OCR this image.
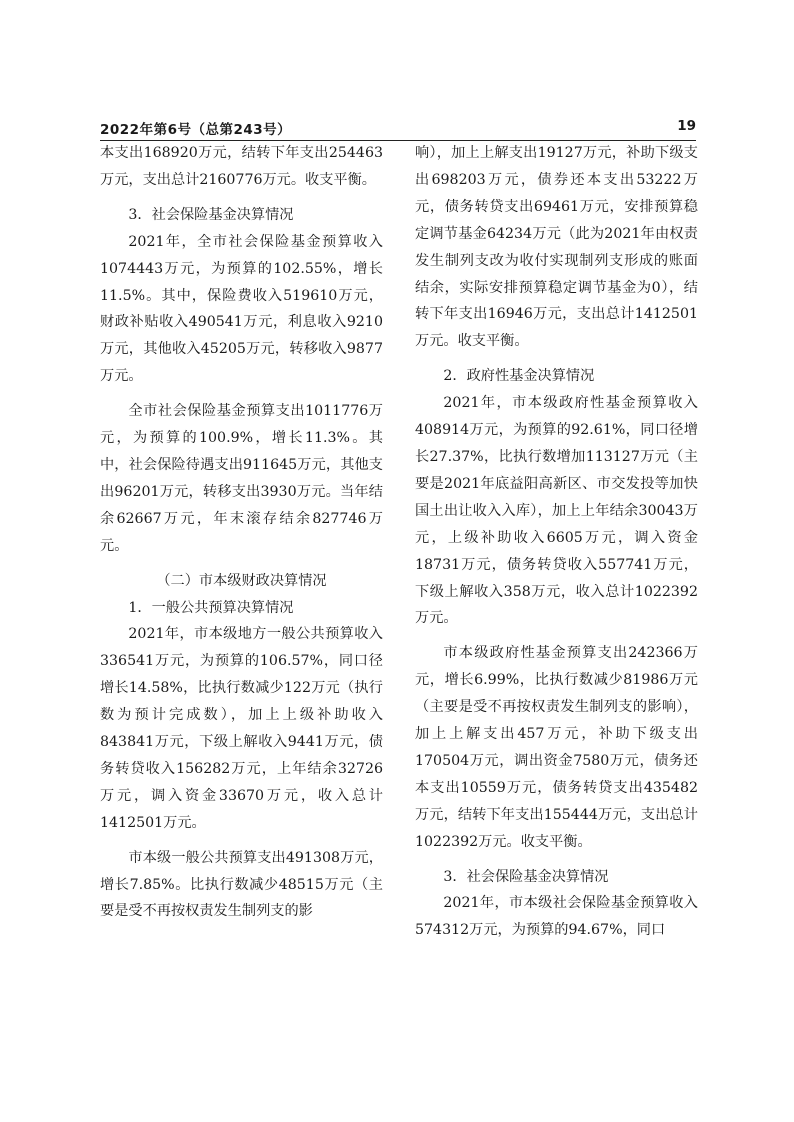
2022年第6号（总第243号）	19

本支出168920万元，结转下年支出254463万元，支出总计2160776万元。收支平衡。

3．社会保险基金决算情况

2021年，全市社会保险基金预算收入1074443万元，为预算的102.55%，增长11.5%。其中，保险费收入519610万元，财政补贴收入490541万元，利息收入9210万元，其他收入45205万元，转移收入9877万元。

全市社会保险基金预算支出1011776万元，为预算的100.9%，增长11.3%。其中，社会保险待遇支出911645万元，其他支出96201万元，转移支出3930万元。当年结余62667万元，年末滚存结余827746万元。

（二）市本级财政决算情况
1．一般公共预算决算情况

2021年，市本级地方一般公共预算收入336541万元，为预算的106.57%，同口径增长14.58%，比执行数减少122万元（执行数为预计完成数），加上上级补助收入843841万元，下级上解收入9441万元，债务转贷收入156282万元，上年结余32726万元，调入资金33670万元，收入总计1412501万元。

市本级一般公共预算支出491308万元，增长7.85%。比执行数减少48515万元（主要是受不再按权责发生制列支的影

响），加上上解支出19127万元，补助下级支出698203万元，债券还本支出53222万元，债务转贷支出69461万元，安排预算稳定调节基金64234万元（此为2021年由权责发生制列支改为收付实现制列支形成的账面结余，实际安排预算稳定调节基金为0），结转下年支出16946万元，支出总计1412501万元。收支平衡。

2．政府性基金决算情况

2021年，市本级政府性基金预算收入408914万元，为预算的92.61%，同口径增长27.37%，比执行数增加113127万元（主要是2021年底益阳高新区、市交发投等加快国土出让收入入库），加上上年结余30043万元，上级补助收入6605万元，调入资金18731万元，债务转贷收入557741万元，下级上解收入358万元，收入总计1022392万元。

市本级政府性基金预算支出242366万元，增长6.99%，比执行数减少81986万元（主要是受不再按权责发生制列支的影响），加上上解支出457万元，补助下级支出170504万元，调出资金7580万元，债务还本支出10559万元，债务转贷支出435482万元，结转下年支出155444万元，支出总计1022392万元。收支平衡。

3．社会保险基金决算情况

2021年，市本级社会保险基金预算收入574312万元，为预算的94.67%，同口
